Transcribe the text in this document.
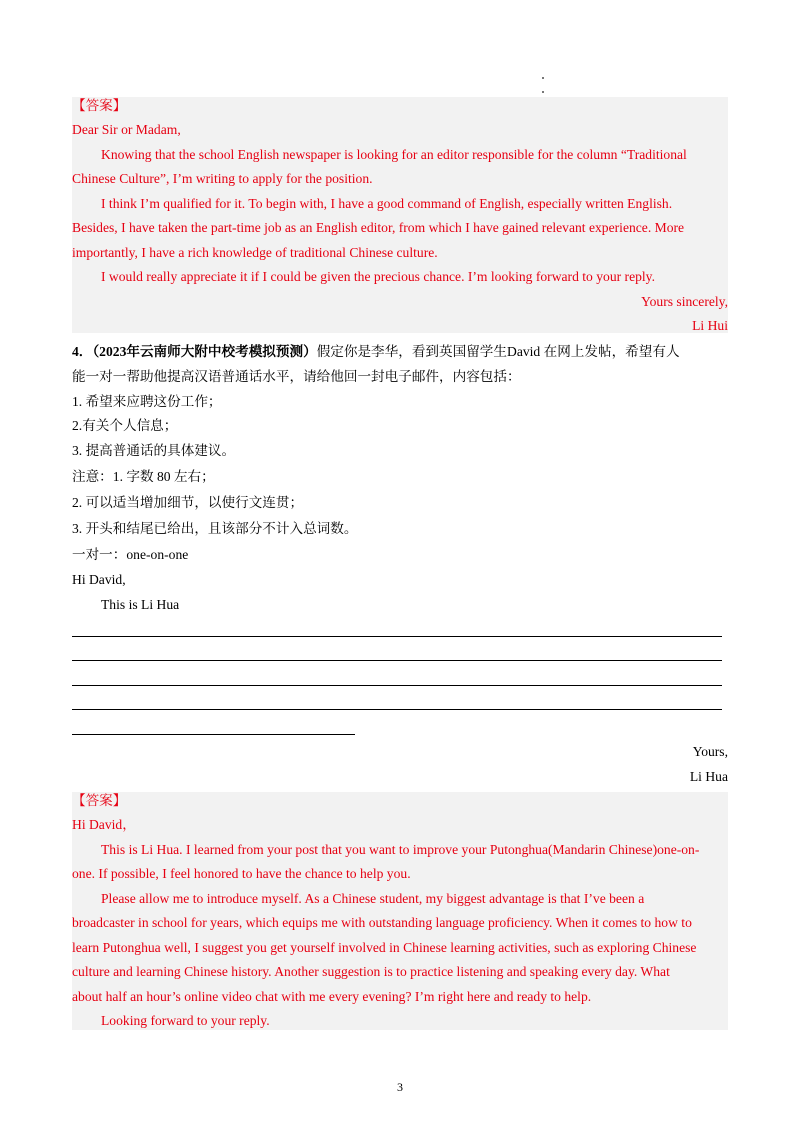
【答案】
Dear Sir or Madam,
Knowing that the school English newspaper is looking for an editor responsible for the column “Traditional
Chinese Culture”, I’m writing to apply for the position.
I think I’m qualified for it. To begin with, I have a good command of English, especially written English.
Besides, I have taken the part-time job as an English editor, from which I have gained relevant experience. More
importantly, I have a rich knowledge of traditional Chinese culture.
I would really appreciate it if I could be given the precious chance. I’m looking forward to your reply.
Yours sincerely,
Li Hui
4．（2023年云南师大附中校考模拟预测）假定你是李华，看到英国留学生David 在网上发帖，希望有人
能一对一帮助他提高汉语普通话水平，请给他回一封电子邮件，内容包括：
1. 希望来应聘这份工作；
2.有关个人信息；
3. 提高普通话的具体建议。
注意：1. 字数 80 左右；
2. 可以适当增加细节，以使行文连贯；
3. 开头和结尾已给出，且该部分不计入总词数。
一对一：one-on-one
Hi David,
This is Li Hua
Yours,
Li Hua
【答案】
Hi David，
This is Li Hua. I learned from your post that you want to improve your Putonghua(Mandarin Chinese)one-on-
one. If possible, I feel honored to have the chance to help you.
Please allow me to introduce myself. As a Chinese student, my biggest advantage is that I’ve been a
broadcaster in school for years, which equips me with outstanding language proficiency. When it comes to how to
learn Putonghua well, I suggest you get yourself involved in Chinese learning activities, such as exploring Chinese
culture and learning Chinese history. Another suggestion is to practice listening and speaking every day. What
about half an hour’s online video chat with me every evening? I’m right here and ready to help.
Looking forward to your reply.
3
